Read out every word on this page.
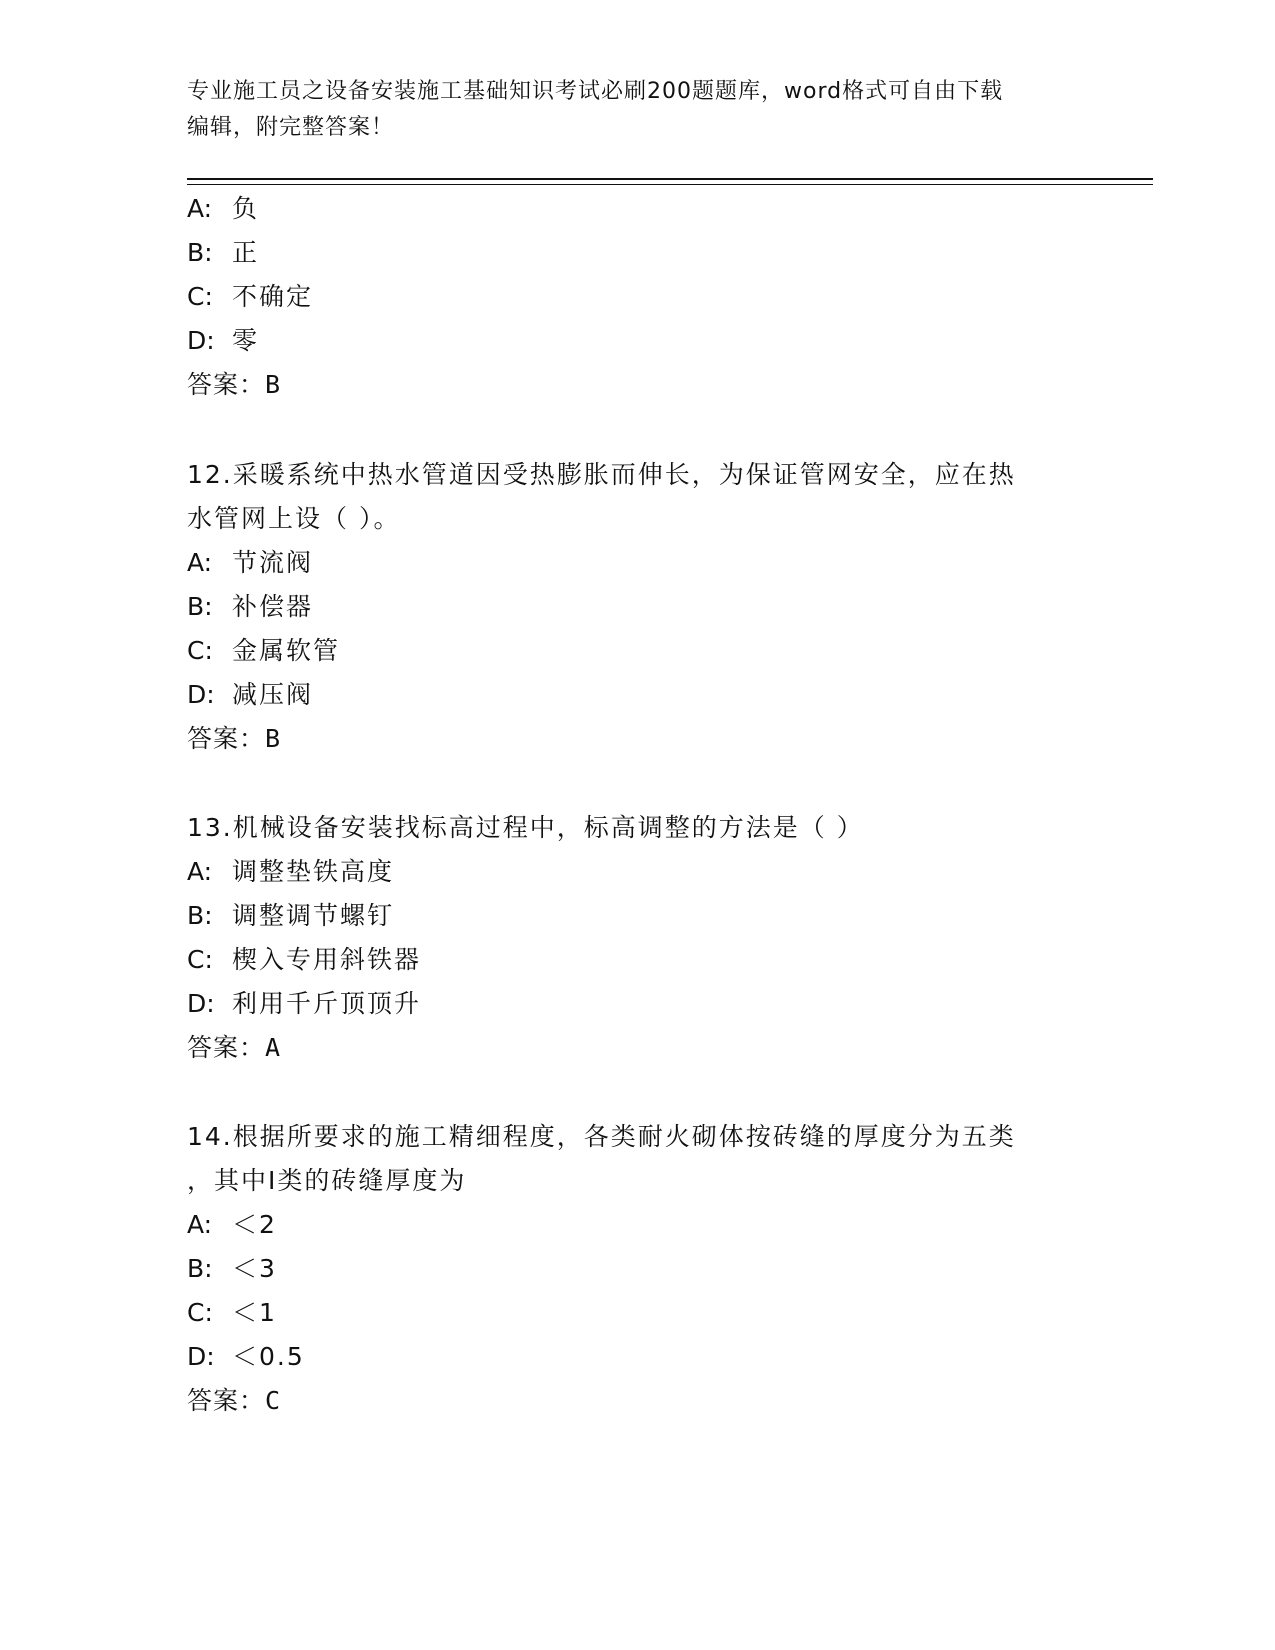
专业施工员之设备安装施工基础知识考试必刷200题题库，word格式可自由下载
编辑，附完整答案！
A: 负
B: 正
C: 不确定
D: 零
答案：B
12.采暖系统中热水管道因受热膨胀而伸长，为保证管网安全，应在热
水管网上设（ ）。
A: 节流阀
B: 补偿器
C: 金属软管
D: 减压阀
答案：B
13.机械设备安装找标高过程中，标高调整的方法是（ ）
A: 调整垫铁高度
B: 调整调节螺钉
C: 楔入专用斜铁器
D: 利用千斤顶顶升
答案：A
14.根据所要求的施工精细程度，各类耐火砌体按砖缝的厚度分为五类
，其中Ⅰ类的砖缝厚度为
A: ＜2
B: ＜3
C: ＜1
D: ＜0.5
答案：C
